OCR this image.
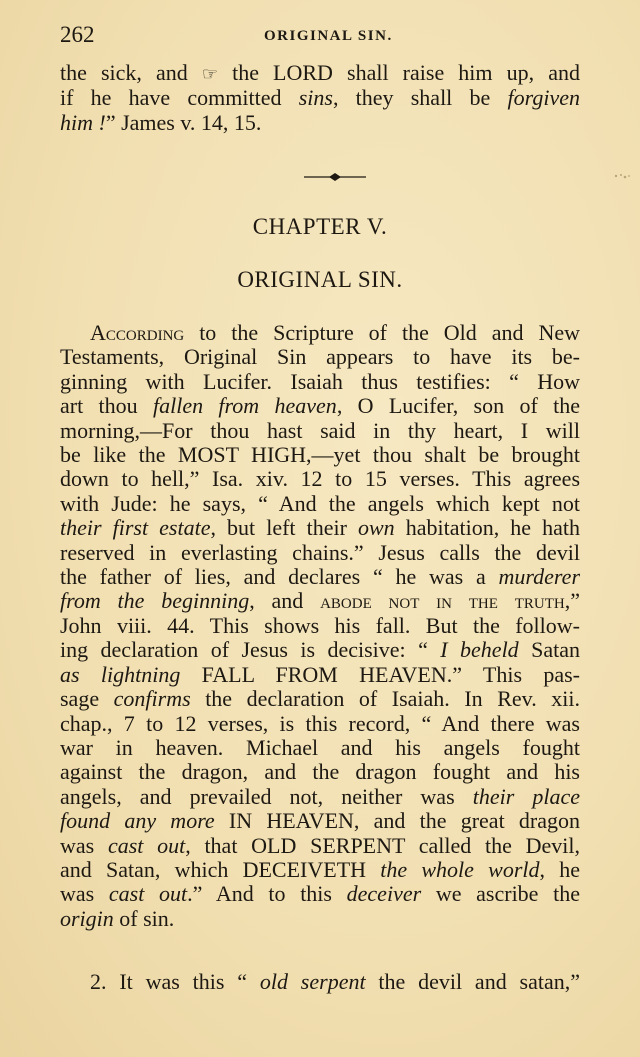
262	ORIGINAL SIN.
the sick, and ☞ the LORD shall raise him up, and
if he have committed sins, they shall be forgiven
him !” James v. 14, 15.
CHAPTER V.
ORIGINAL SIN.
According to the Scripture of the Old and New
Testaments, Original Sin appears to have its be-
ginning with Lucifer. Isaiah thus testifies: “ How
art thou fallen from heaven, O Lucifer, son of the
morning,—For thou hast said in thy heart, I will
be like the MOST HIGH,—yet thou shalt be brought
down to hell,” Isa. xiv. 12 to 15 verses. This agrees
with Jude: he says, “ And the angels which kept not
their first estate, but left their own habitation, he hath
reserved in everlasting chains.” Jesus calls the devil
the father of lies, and declares “ he was a murderer
from the beginning, and abode not in the truth,”
John viii. 44. This shows his fall. But the follow-
ing declaration of Jesus is decisive: “ I beheld Satan
as lightning FALL FROM HEAVEN.” This pas-
sage confirms the declaration of Isaiah. In Rev. xii.
chap., 7 to 12 verses, is this record, “ And there was
war in heaven. Michael and his angels fought
against the dragon, and the dragon fought and his
angels, and prevailed not, neither was their place
found any more IN HEAVEN, and the great dragon
was cast out, that OLD SERPENT called the Devil,
and Satan, which DECEIVETH the whole world, he
was cast out.” And to this deceiver we ascribe the
origin of sin.
2. It was this “ old serpent the devil and satan,”
